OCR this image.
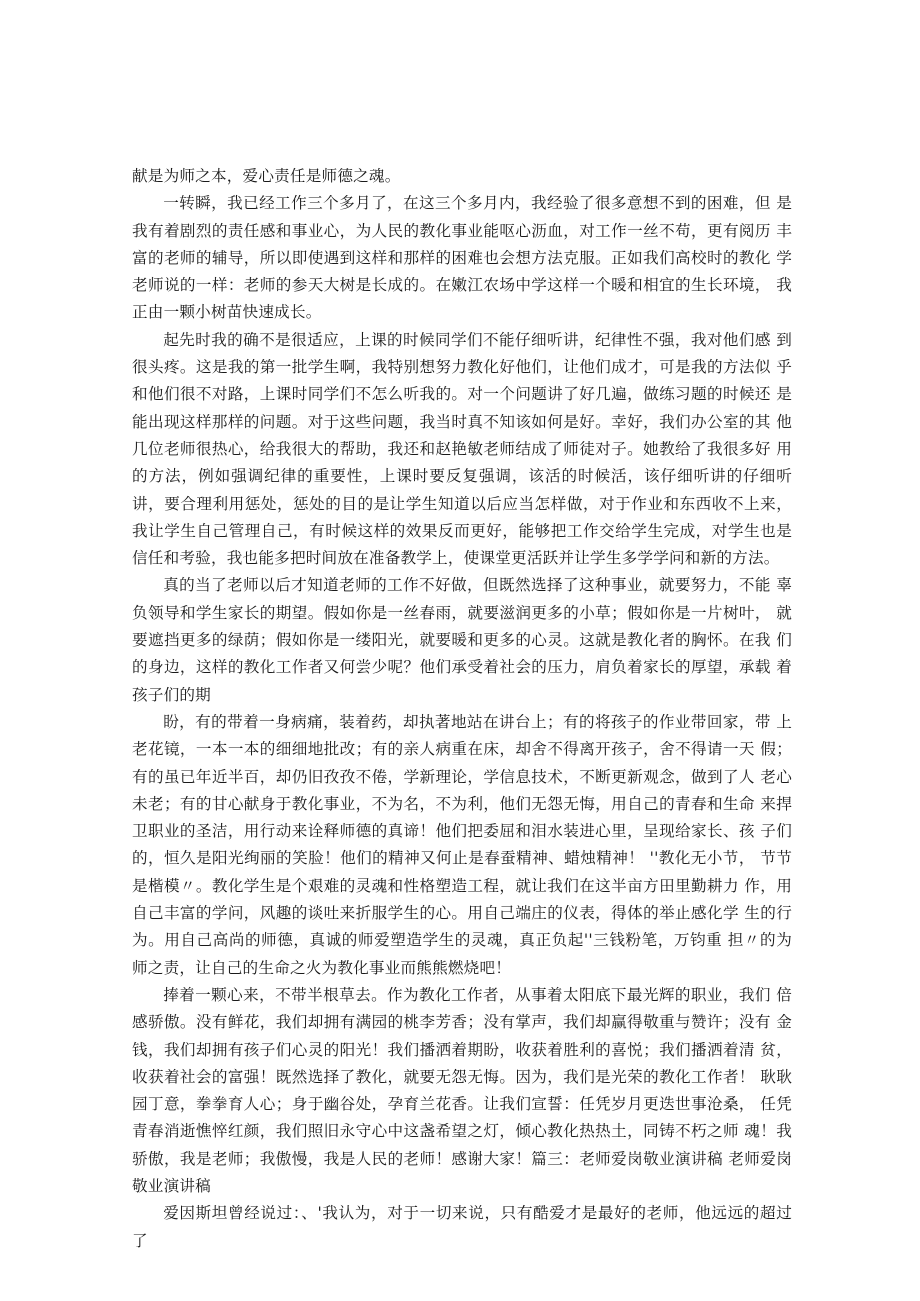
献是为师之本，爱心责任是师德之魂。

一转瞬，我已经工作三个多月了，在这三个多月内，我经验了很多意想不到的困难，但 是我有着剧烈的责任感和事业心，为人民的教化事业能呕心沥血，对工作一丝不苟，更有阅历 丰富的老师的辅导，所以即使遇到这样和那样的困难也会想方法克服。正如我们高校时的教化 学老师说的一样：老师的参天大树是长成的。在嫩江农场中学这样一个暖和相宜的生长环境， 我正由一颗小树苗快速成长。

起先时我的确不是很适应，上课的时候同学们不能仔细听讲，纪律性不强，我对他们感 到很头疼。这是我的第一批学生啊，我特别想努力教化好他们，让他们成才，可是我的方法似 乎和他们很不对路，上课时同学们不怎么听我的。对一个问题讲了好几遍，做练习题的时候还 是能出现这样那样的问题。对于这些问题，我当时真不知该如何是好。幸好，我们办公室的其 他几位老师很热心，给我很大的帮助，我还和赵艳敏老师结成了师徒对子。她教给了我很多好 用的方法，例如强调纪律的重要性，上课时要反复强调，该活的时候活，该仔细听讲的仔细听 讲，要合理利用惩处，惩处的目的是让学生知道以后应当怎样做，对于作业和东西收不上来， 我让学生自己管理自己，有时候这样的效果反而更好，能够把工作交给学生完成，对学生也是 信任和考验，我也能多把时间放在准备教学上，使课堂更活跃并让学生多学学问和新的方法。

真的当了老师以后才知道老师的工作不好做，但既然选择了这种事业，就要努力，不能 辜负领导和学生家长的期望。假如你是一丝春雨，就要滋润更多的小草；假如你是一片树叶， 就要遮挡更多的绿荫；假如你是一缕阳光，就要暖和更多的心灵。这就是教化者的胸怀。在我 们的身边，这样的教化工作者又何尝少呢？他们承受着社会的压力，肩负着家长的厚望，承载 着孩子们的期

盼，有的带着一身病痛，装着药，却执著地站在讲台上；有的将孩子的作业带回家，带 上老花镜，一本一本的细细地批改；有的亲人病重在床，却舍不得离开孩子，舍不得请一天 假；有的虽已年近半百，却仍旧孜孜不倦，学新理论，学信息技术，不断更新观念，做到了人 老心未老；有的甘心献身于教化事业，不为名，不为利，他们无怨无悔，用自己的青春和生命 来捍卫职业的圣洁，用行动来诠释师德的真谛！他们把委屈和泪水装进心里，呈现给家长、孩 子们的，恒久是阳光绚丽的笑脸！他们的精神又何止是春蚕精神、蜡烛精神！ ''教化无小节， 节节是楷模〃。教化学生是个艰难的灵魂和性格塑造工程，就让我们在这半亩方田里勤耕力 作，用自己丰富的学问，风趣的谈吐来折服学生的心。用自己端庄的仪表，得体的举止感化学 生的行为。用自己高尚的师德，真诚的师爱塑造学生的灵魂，真正负起''三钱粉笔，万钧重 担〃的为师之责，让自己的生命之火为教化事业而熊熊燃烧吧！

捧着一颗心来，不带半根草去。作为教化工作者，从事着太阳底下最光辉的职业，我们 倍感骄傲。没有鲜花，我们却拥有满园的桃李芳香；没有掌声，我们却赢得敬重与赞许；没有 金钱，我们却拥有孩子们心灵的阳光！我们播洒着期盼，收获着胜利的喜悦；我们播洒着清 贫，收获着社会的富强！既然选择了教化，就要无怨无悔。因为，我们是光荣的教化工作者！ 耿耿园丁意，拳拳育人心；身于幽谷处，孕育兰花香。让我们宣誓：任凭岁月更迭世事沧桑， 任凭青春消逝憔悴红颜，我们照旧永守心中这盏希望之灯，倾心教化热热土，同铸不朽之师 魂！我骄傲，我是老师；我傲慢，我是人民的老师！感谢大家！篇三：老师爱岗敬业演讲稿 老师爱岗敬业演讲稿

爱因斯坦曾经说过：、'我认为，对于一切来说，只有酷爱才是最好的老师，他远远的超过 了
